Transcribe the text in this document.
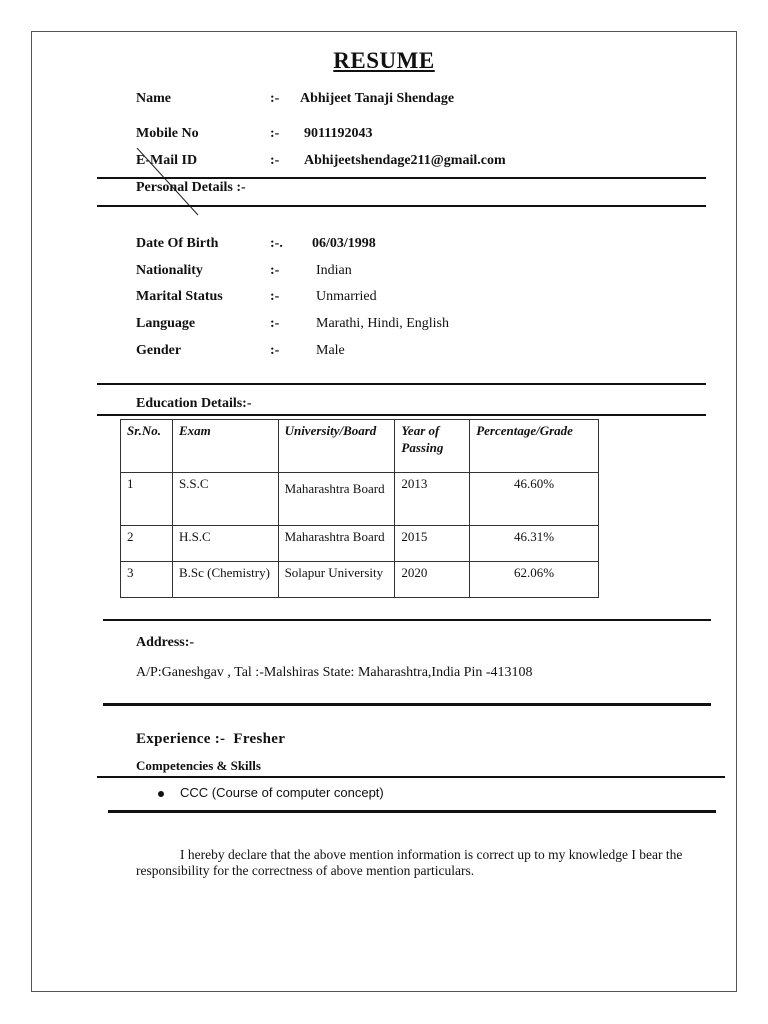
RESUME
Name	:- Abhijeet Tanaji Shendage
Mobile No	:- 9011192043
E-Mail ID	:- Abhijeetshendage211@gmail.com
Personal Details :-
Date Of Birth	:-. 06/03/1998
Nationality	:-	Indian
Marital Status	:-	Unmarried
Language	:-	Marathi, Hindi, English
Gender	:-	Male
Education Details:-
Sr.No.	Exam	University/Board	Year of Passing	Percentage/Grade
1	S.S.C	Maharashtra Board	2013	46.60%
2	H.S.C	Maharashtra Board	2015	46.31%
3	B.Sc (Chemistry)	Solapur University	2020	62.06%
Address:-
A/P:Ganeshgav , Tal :-Malshiras State: Maharashtra,India Pin -413108
Experience :- Fresher
Competencies & Skills
CCC (Course of computer concept)
I hereby declare that the above mention information is correct up to my knowledge I bear the responsibility for the correctness of above mention particulars.
